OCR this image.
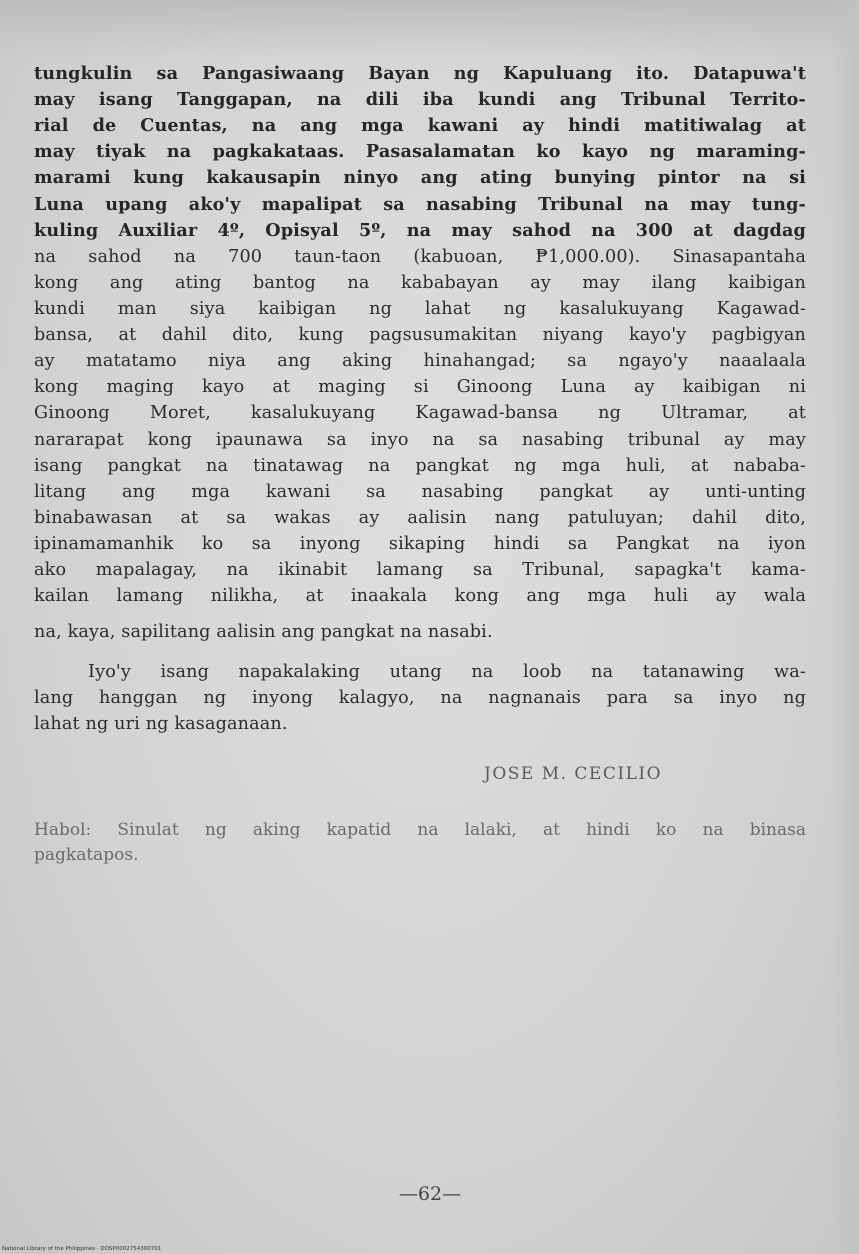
tungkulin sa Pangasiwaang Bayan ng Kapuluang ito. Datapuwa't
may isang Tanggapan, na dili iba kundi ang Tribunal Territo-
rial de Cuentas, na ang mga kawani ay hindi matitiwalag at
may tiyak na pagkakataas. Pasasalamatan ko kayo ng maraming-
marami kung kakausapin ninyo ang ating bunying pintor na si
Luna upang ako'y mapalipat sa nasabing Tribunal na may tung-
kuling Auxiliar 4º, Opisyal 5º, na may sahod na 300 at dagdag
na sahod na 700 taun-taon (kabuoan, ₱1,000.00). Sinasapantaha
kong ang ating bantog na kababayan ay may ilang kaibigan
kundi man siya kaibigan ng lahat ng kasalukuyang Kagawad-
bansa, at dahil dito, kung pagsusumakitan niyang kayo'y pagbigyan
ay matatamo niya ang aking hinahangad; sa ngayo'y naaalaala
kong maging kayo at maging si Ginoong Luna ay kaibigan ni
Ginoong Moret, kasalukuyang Kagawad-bansa ng Ultramar, at
nararapat kong ipaunawa sa inyo na sa nasabing tribunal ay may
isang pangkat na tinatawag na pangkat ng mga huli, at nababa-
litang ang mga kawani sa nasabing pangkat ay unti-unting
binabawasan at sa wakas ay aalisin nang patuluyan; dahil dito,
ipinamamanhik ko sa inyong sikaping hindi sa Pangkat na iyon
ako mapalagay, na ikinabit lamang sa Tribunal, sapagka't kama-
kailan lamang nilikha, at inaakala kong ang mga huli ay wala
na, kaya, sapilitang aalisin ang pangkat na nasabi.
Iyo'y isang napakalaking utang na loob na tatanawing wa-
lang hanggan ng inyong kalagyo, na nagnanais para sa inyo ng
lahat ng uri ng kasaganaan.
JOSE M. CECILIO
Habol: Sinulat ng aking kapatid na lalaki, at hindi ko na binasa
pagkatapos.
—62—
National Library of the Philippines · DOSP0002754300701
